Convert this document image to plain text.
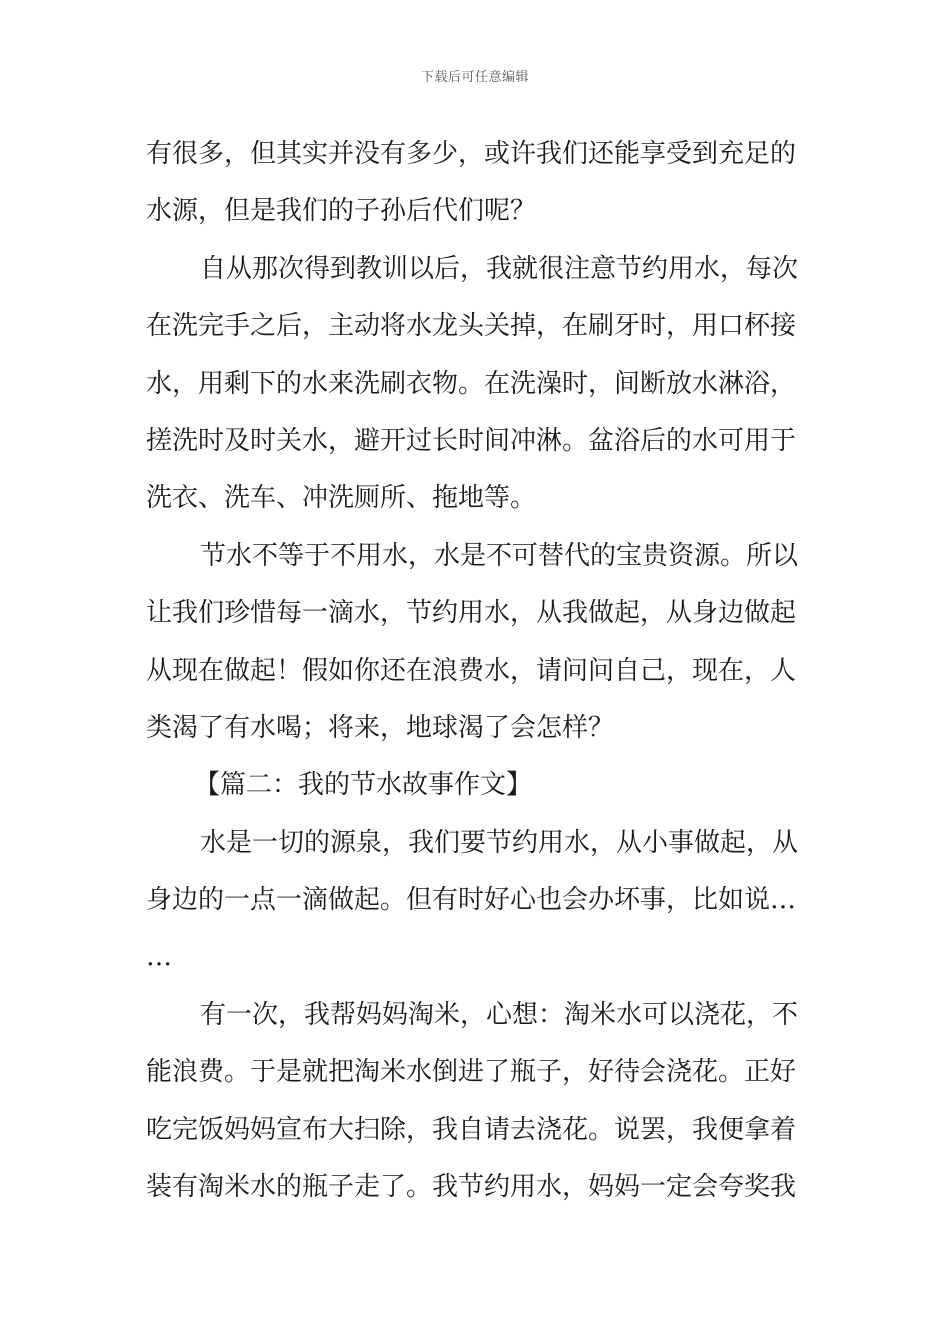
下载后可任意编辑
有很多，但其实并没有多少，或许我们还能享受到充足的
水源，但是我们的子孙后代们呢？
自从那次得到教训以后，我就很注意节约用水，每次
在洗完手之后，主动将水龙头关掉，在刷牙时，用口杯接
水，用剩下的水来洗刷衣物。在洗澡时，间断放水淋浴，
搓洗时及时关水，避开过长时间冲淋。盆浴后的水可用于
洗衣、洗车、冲洗厕所、拖地等。
节水不等于不用水，水是不可替代的宝贵资源。所以
让我们珍惜每一滴水，节约用水，从我做起，从身边做起
从现在做起！假如你还在浪费水，请问问自己，现在，人
类渴了有水喝；将来，地球渴了会怎样？
【篇二：我的节水故事作文】
水是一切的源泉，我们要节约用水，从小事做起，从
身边的一点一滴做起。但有时好心也会办坏事，比如说…
…
有一次，我帮妈妈淘米，心想：淘米水可以浇花，不
能浪费。于是就把淘米水倒进了瓶子，好待会浇花。正好
吃完饭妈妈宣布大扫除，我自请去浇花。说罢，我便拿着
装有淘米水的瓶子走了。我节约用水，妈妈一定会夸奖我
